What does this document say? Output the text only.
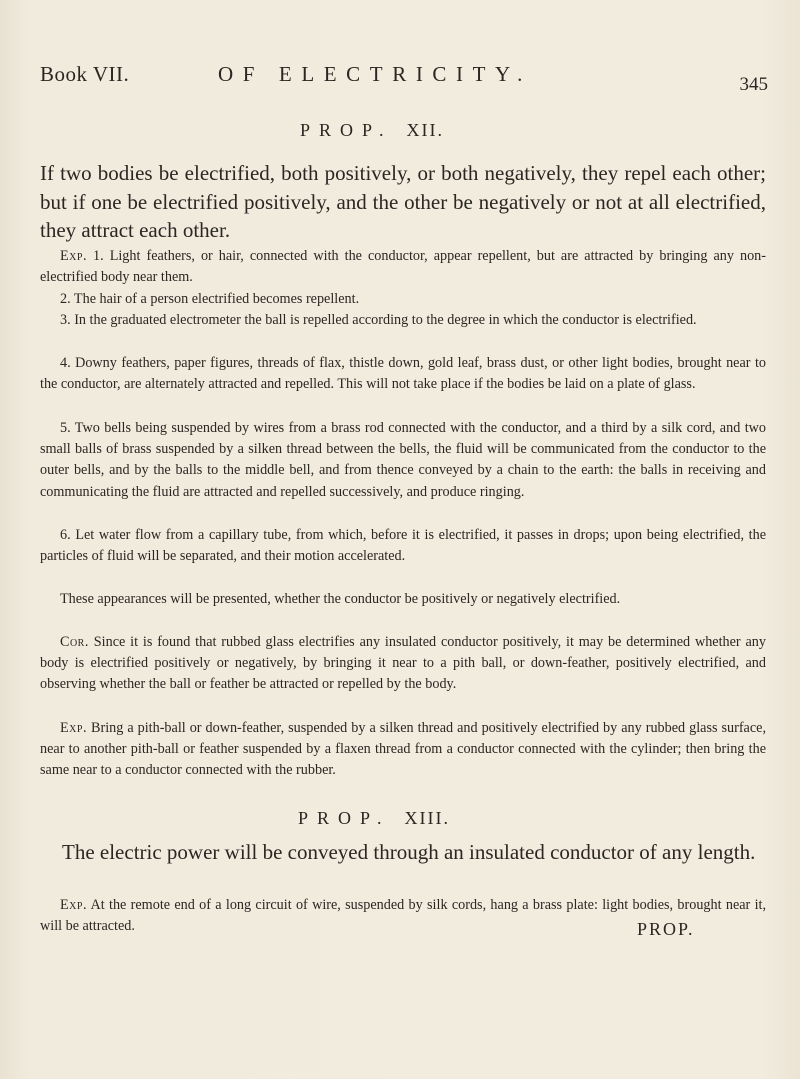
Book VII.	OF ELECTRICITY.	345
PROP. XII.
If two bodies be electrified, both positively, or both negatively, they repel each other; but if one be electrified positively, and the other be negatively or not at all electrified, they attract each other.
Exp. 1. Light feathers, or hair, connected with the conductor, appear repellent, but are attracted by bringing any non-electrified body near them.
2. The hair of a person electrified becomes repellent.
3. In the graduated electrometer the ball is repelled according to the degree in which the conductor is electrified.
4. Downy feathers, paper figures, threads of flax, thistle down, gold leaf, brass dust, or other light bodies, brought near to the conductor, are alternately attracted and repelled. This will not take place if the bodies be laid on a plate of glass.
5. Two bells being suspended by wires from a brass rod connected with the conductor, and a third by a silk cord, and two small balls of brass suspended by a silken thread between the bells, the fluid will be communicated from the conductor to the outer bells, and by the balls to the middle bell, and from thence conveyed by a chain to the earth: the balls in receiving and communicating the fluid are attracted and repelled successively, and produce ringing.
6. Let water flow from a capillary tube, from which, before it is electrified, it passes in drops; upon being electrified, the particles of fluid will be separated, and their motion accelerated.
These appearances will be presented, whether the conductor be positively or negatively electrified.
Cor. Since it is found that rubbed glass electrifies any insulated conductor positively, it may be determined whether any body is electrified positively or negatively, by bringing it near to a pith ball, or down-feather, positively electrified, and observing whether the ball or feather be attracted or repelled by the body.
Exp. Bring a pith-ball or down-feather, suspended by a silken thread and positively electrified by any rubbed glass surface, near to another pith-ball or feather suspended by a flaxen thread from a conductor connected with the cylinder; then bring the same near to a conductor connected with the rubber.
PROP. XIII.
The electric power will be conveyed through an insulated conductor of any length.
Exp. At the remote end of a long circuit of wire, suspended by silk cords, hang a brass plate: light bodies, brought near it, will be attracted.	PROP.
